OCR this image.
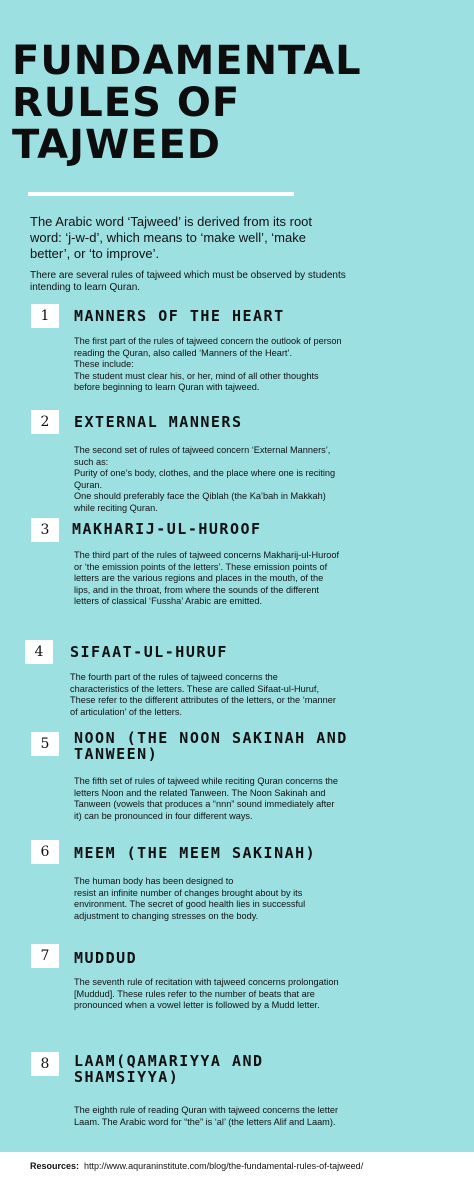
FUNDAMENTAL
RULES OF
TAJWEED

The Arabic word ‘Tajweed’ is derived from its root word: ‘j-w-d’, which means to ‘make well’, ‘make better’, or ‘to improve’.

There are several rules of tajweed which must be observed by students intending to learn Quran.

1	MANNERS OF THE HEART

The first part of the rules of tajweed concern the outlook of person reading the Quran, also called ‘Manners of the Heart’.
These include:
The student must clear his, or her, mind of all other thoughts before beginning to learn Quran with tajweed.

2	EXTERNAL MANNERS

The second set of rules of tajweed concern ‘External Manners’, such as:
Purity of one’s body, clothes, and the place where one is reciting Quran.
One should preferably face the Qiblah (the Ka’bah in Makkah) while reciting Quran.

3	MAKHARIJ-UL-HUROOF

The third part of the rules of tajweed concerns Makharij-ul-Huroof or ‘the emission points of the letters’. These emission points of letters are the various regions and places in the mouth, of the lips, and in the throat, from where the sounds of the different letters of classical ‘Fussha’ Arabic are emitted.

4	SIFAAT-UL-HURUF

The fourth part of the rules of tajweed concerns the characteristics of the letters. These are called Sifaat-ul-Huruf, These refer to the different attributes of the letters, or the ‘manner of articulation’ of the letters.

5	NOON (THE NOON SAKINAH AND TANWEEN)

The fifth set of rules of tajweed while reciting Quran concerns the letters Noon and the related Tanween. The Noon Sakinah and Tanween (vowels that produces a “nnn” sound immediately after it) can be pronounced in four different ways.

6	MEEM (THE MEEM SAKINAH)

The human body has been designed to
resist an infinite number of changes brought about by its environment. The secret of good health lies in successful adjustment to changing stresses on the body.

7	MUDDUD

The seventh rule of recitation with tajweed concerns prolongation [Muddud]. These rules refer to the number of beats that are pronounced when a vowel letter is followed by a Mudd letter.

8	LAAM(QAMARIYYA AND SHAMSIYYA)

The eighth rule of reading Quran with tajweed concerns the letter Laam. The Arabic word for “the” is ‘al’ (the letters Alif and Laam).

Resources: http://www.aquraninstitute.com/blog/the-fundamental-rules-of-tajweed/
